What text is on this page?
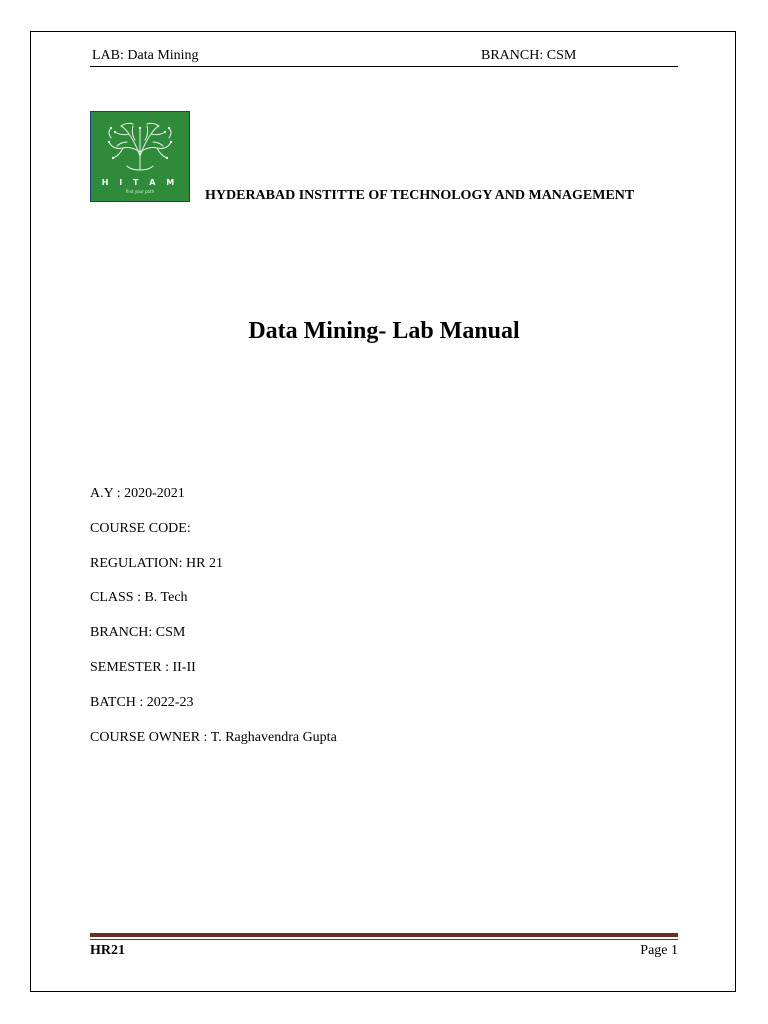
LAB: Data Mining	BRANCH: CSM
H I T A M
find your path	HYDERABAD INSTITTE OF TECHNOLOGY AND MANAGEMENT
Data Mining- Lab Manual
A.Y : 2020-2021
COURSE CODE:
REGULATION: HR 21
CLASS : B. Tech
BRANCH: CSM
SEMESTER : II-II
BATCH : 2022-23
COURSE OWNER : T. Raghavendra Gupta
HR21	Page 1
